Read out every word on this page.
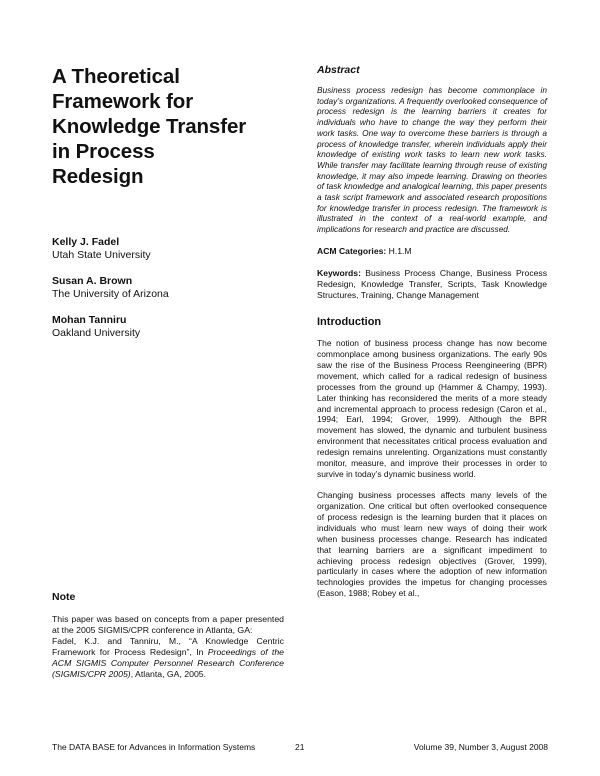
A Theoretical
Framework for
Knowledge Transfer
in Process
Redesign
Kelly J. Fadel
Utah State University
Susan A. Brown
The University of Arizona
Mohan Tanniru
Oakland University
Note

This paper was based on concepts from a paper presented at the 2005 SIGMIS/CPR conference in Atlanta, GA:

Fadel, K.J. and Tanniru, M., “A Knowledge Centric Framework for Process Redesign”, In Proceedings of the ACM SIGMIS Computer Personnel Research Conference (SIGMIS/CPR 2005), Atlanta, GA, 2005.

Abstract

Business process redesign has become commonplace in today’s organizations. A frequently overlooked consequence of process redesign is the learning barriers it creates for individuals who have to change the way they perform their work tasks. One way to overcome these barriers is through a process of knowledge transfer, wherein individuals apply their knowledge of existing work tasks to learn new work tasks. While transfer may facilitate learning through reuse of existing knowledge, it may also impede learning. Drawing on theories of task knowledge and analogical learning, this paper presents a task script framework and associated research propositions for knowledge transfer in process redesign. The framework is illustrated in the context of a real-world example, and implications for research and practice are discussed.

ACM Categories: H.1.M

Keywords: Business Process Change, Business Process Redesign, Knowledge Transfer, Scripts, Task Knowledge Structures, Training, Change Management

Introduction

The notion of business process change has now become commonplace among business organizations. The early 90s saw the rise of the Business Process Reengineering (BPR) movement, which called for a radical redesign of business processes from the ground up (Hammer & Champy, 1993). Later thinking has reconsidered the merits of a more steady and incremental approach to process redesign (Caron et al., 1994; Earl, 1994; Grover, 1999). Although the BPR movement has slowed, the dynamic and turbulent business environment that necessitates critical process evaluation and redesign remains unrelenting. Organizations must constantly monitor, measure, and improve their processes in order to survive in today’s dynamic business world.

Changing business processes affects many levels of the organization. One critical but often overlooked consequence of process redesign is the learning burden that it places on individuals who must learn new ways of doing their work when business processes change. Research has indicated that learning barriers are a significant impediment to achieving process redesign objectives (Grover, 1999), particularly in cases where the adoption of new information technologies provides the impetus for changing processes (Eason, 1988; Robey et al.,

The DATA BASE for Advances in Information Systems	21	Volume 39, Number 3, August 2008
